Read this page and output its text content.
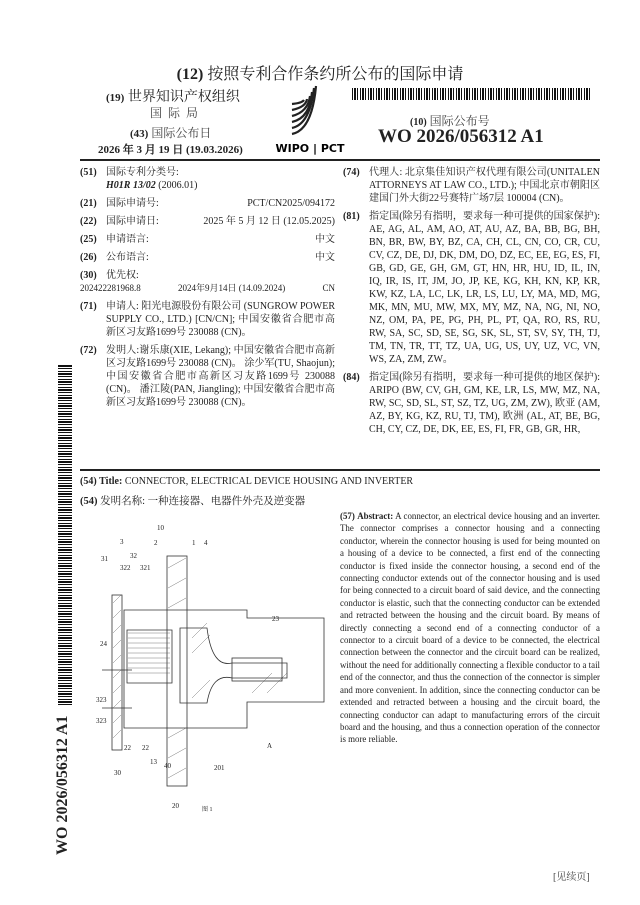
(12) 按照专利合作条约所公布的国际申请
(19) 世界知识产权组织
国际局
(43) 国际公布日
2026 年 3 月 19 日 (19.03.2026)	WIPO | PCT
(10) 国际公布号
WO 2026/056312 A1
(51) 国际专利分类号:
H01R 13/02 (2006.01)
(21) 国际申请号:	PCT/CN2025/094172
(22) 国际申请日:	2025 年 5 月 12 日 (12.05.2025)
(25) 申请语言:	中文
(26) 公布语言:	中文
(30) 优先权:
202422281968.8	2024年9月14日 (14.09.2024)	CN
(71) 申请人: 阳光电源股份有限公司 (SUNGROW POWER SUPPLY CO., LTD.) [CN/CN]; 中国安徽省合肥市高新区习友路1699号 230088 (CN)。
(72) 发明人:谢乐康(XIE, Lekang); 中国安徽省合肥市高新区习友路1699号 230088 (CN)。 涂少军(TU, Shaojun); 中国安徽省合肥市高新区习友路1699号 230088 (CN)。 潘江陵(PAN, Jiangling); 中国安徽省合肥市高新区习友路1699号 230088 (CN)。
(74) 代理人: 北京集佳知识产权代理有限公司(UNITALEN ATTORNEYS AT LAW CO., LTD.); 中国北京市朝阳区建国门外大街22号赛特广场7层 100004 (CN)。
(81) 指定国(除另有指明，要求每一种可提供的国家保护): AE, AG, AL, AM, AO, AT, AU, AZ, BA, BB, BG, BH, BN, BR, BW, BY, BZ, CA, CH, CL, CN, CO, CR, CU, CV, CZ, DE, DJ, DK, DM, DO, DZ, EC, EE, EG, ES, FI, GB, GD, GE, GH, GM, GT, HN, HR, HU, ID, IL, IN, IQ, IR, IS, IT, JM, JO, JP, KE, KG, KH, KN, KP, KR, KW, KZ, LA, LC, LK, LR, LS, LU, LY, MA, MD, MG, MK, MN, MU, MW, MX, MY, MZ, NA, NG, NI, NO, NZ, OM, PA, PE, PG, PH, PL, PT, QA, RO, RS, RU, RW, SA, SC, SD, SE, SG, SK, SL, ST, SV, SY, TH, TJ, TM, TN, TR, TT, TZ, UA, UG, US, UY, UZ, VC, VN, WS, ZA, ZM, ZW。
(84) 指定国(除另有指明，要求每一种可提供的地区保护): ARIPO (BW, CV, GH, GM, KE, LR, LS, MW, MZ, NA, RW, SC, SD, SL, ST, SZ, TZ, UG, ZM, ZW), 欧亚 (AM, AZ, BY, KG, KZ, RU, TJ, TM), 欧洲 (AL, AT, BE, BG, CH, CY, CZ, DE, DK, EE, ES, FI, FR, GB, GR, HR,
(54) Title: CONNECTOR, ELECTRICAL DEVICE HOUSING AND INVERTER
(54) 发明名称: 一种连接器、电器件外壳及逆变器
(57) Abstract: A connector, an electrical device housing and an inverter. The connector comprises a connector housing and a connecting conductor, wherein the connector housing is used for being mounted on a housing of a device to be connected, a first end of the connecting conductor is fixed inside the connector housing, a second end of the connecting conductor extends out of the connector housing and is used for being connected to a circuit board of said device, and the connecting conductor is elastic, such that the connecting conductor can be extended and retracted between the housing and the circuit board. By means of directly connecting a second end of a connecting conductor of a connector to a circuit board of a device to be connected, the electrical connection between the connector and the circuit board can be realized, without the need for additionally connecting a flexible conductor to a tail end of the connector, and thus the connection of the connector is simpler and more convenient. In addition, since the connecting conductor can be extended and retracted between a housing and the circuit board, the connecting conductor can adapt to manufacturing errors of the circuit board and the housing, and thus a connection operation of the connector is more reliable.
10
3	2	1 4
31	32
322 321
23
24
323
323
22 22
13 40	201
A
30
20	图 1
WO 2026/056312 A1
[见续页]
